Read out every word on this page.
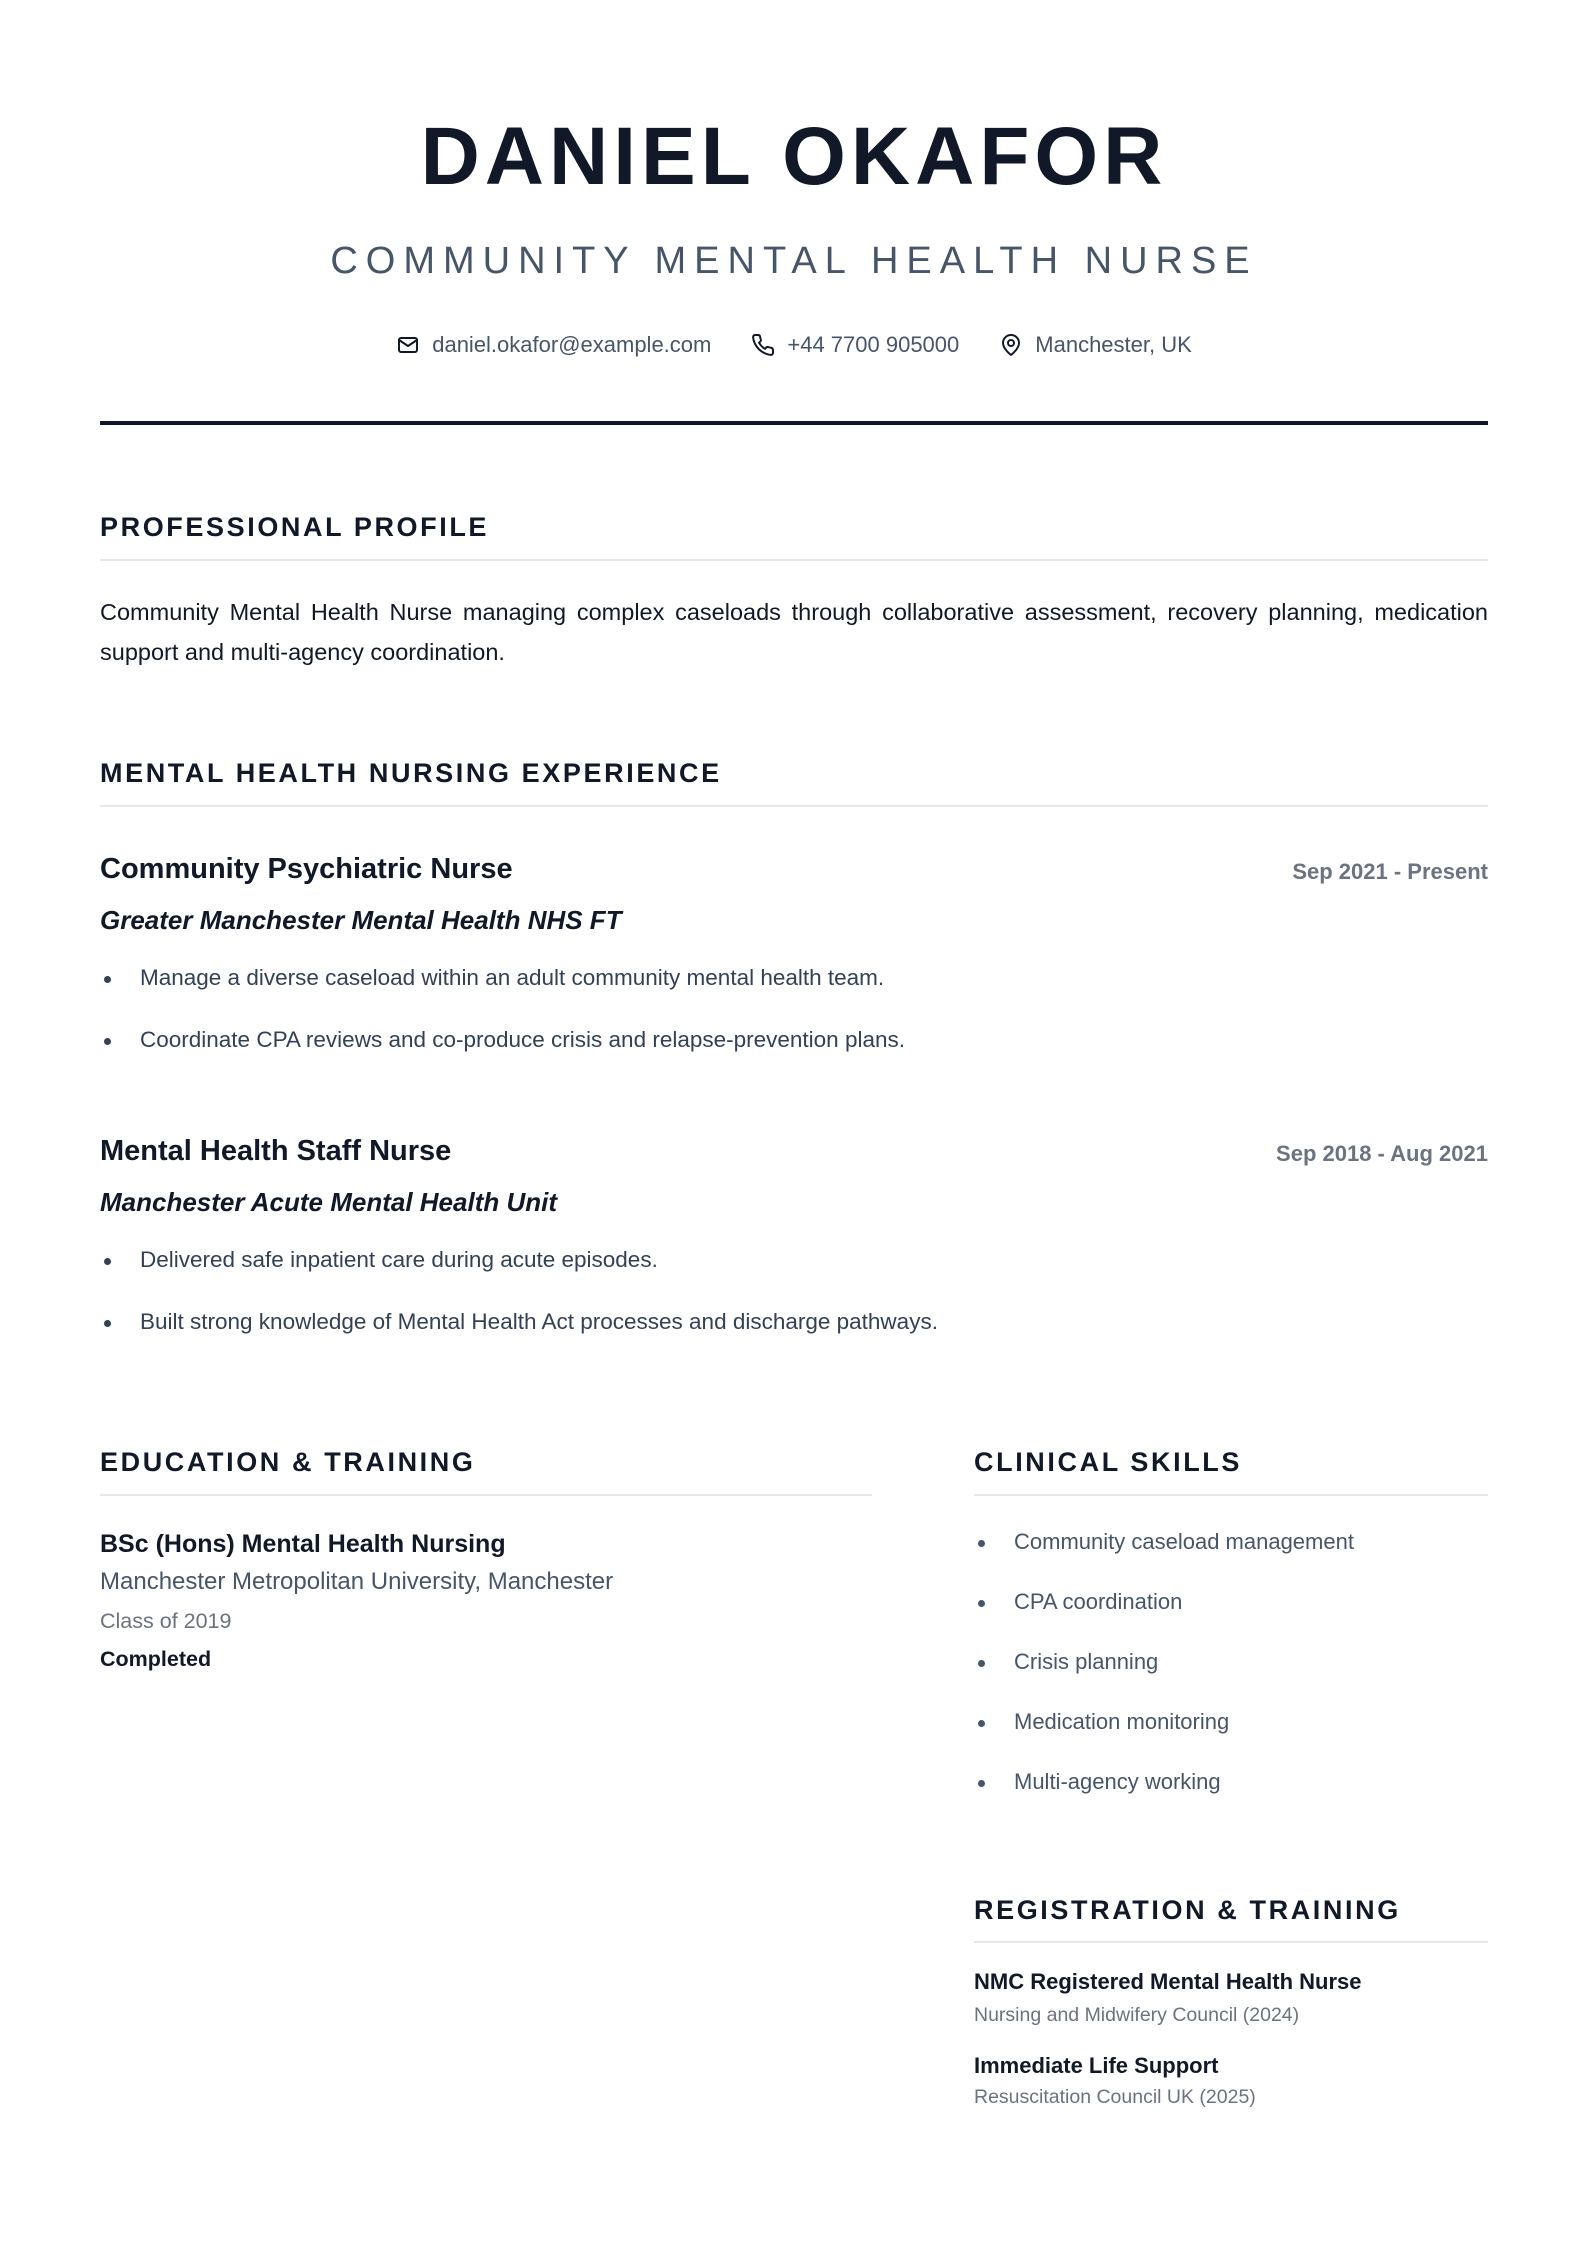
DANIEL OKAFOR
COMMUNITY MENTAL HEALTH NURSE
daniel.okafor@example.com	+44 7700 905000	Manchester, UK
PROFESSIONAL PROFILE
Community Mental Health Nurse managing complex caseloads through collaborative assessment, recovery planning, medication support and multi-agency coordination.
MENTAL HEALTH NURSING EXPERIENCE
Community Psychiatric Nurse	Sep 2021 - Present
Greater Manchester Mental Health NHS FT
Manage a diverse caseload within an adult community mental health team.
Coordinate CPA reviews and co-produce crisis and relapse-prevention plans.
Mental Health Staff Nurse	Sep 2018 - Aug 2021
Manchester Acute Mental Health Unit
Delivered safe inpatient care during acute episodes.
Built strong knowledge of Mental Health Act processes and discharge pathways.
EDUCATION & TRAINING
BSc (Hons) Mental Health Nursing
Manchester Metropolitan University, Manchester
Class of 2019
Completed
CLINICAL SKILLS
Community caseload management
CPA coordination
Crisis planning
Medication monitoring
Multi-agency working
REGISTRATION & TRAINING
NMC Registered Mental Health Nurse
Nursing and Midwifery Council (2024)
Immediate Life Support
Resuscitation Council UK (2025)
